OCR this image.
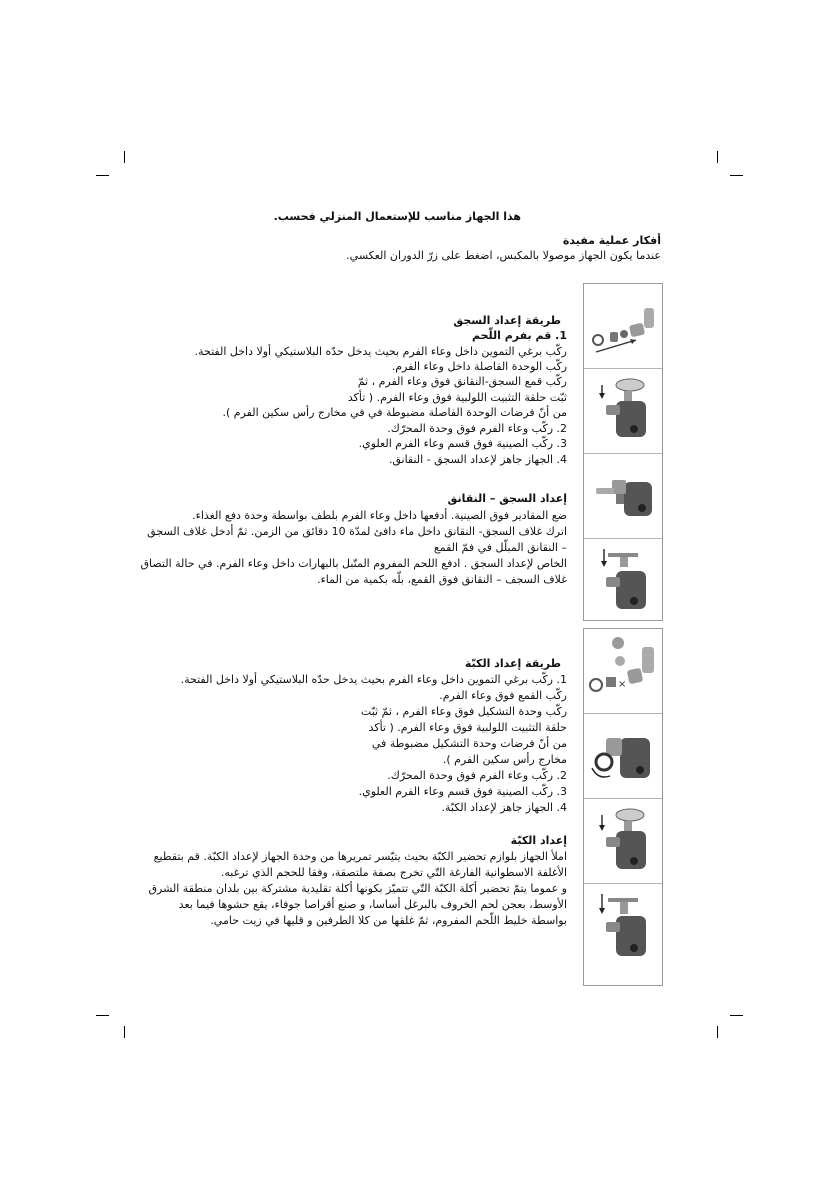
هذا الجهاز مناسب للإستعمال المنزلي فحسب.
أفكار عملية مفيدة
عندما يكون الجهاز موصولا بالمكبس، اضغط على زرّ الدوران العكسي.
طريقة إعداد السجق
1. قم بفرم اللّحم
ركّب برغي التموين داخل وعاء الفرم بحيث يدخل حدّه البلاستيكي أولا داخل الفتحة.
ركّب الوحدة الفاصلة داخل وعاء الفرم.
ركّب قمع السجق-النقانق فوق وعاء الفرم ، ثمّ
ثبّت حلقة التثبيت اللولبية فوق وعاء الفرم. ( تأكد
من أنّ فرضات الوحدة الفاصلة مضبوطة في في مخارج رأس سكين الفرم ).
2. ركّب وعاء الفرم فوق وحدة المحرّك.
3. ركّب الصينية فوق قسم وعاء الفرم العلوي.
4. الجهاز جاهز لإعداد السجق - النقانق.
إعداد السجق – النقانق
ضع المقادير فوق الصينية. أدفعها داخل وعاء الفرم بلطف بواسطة وحدة دفع الغذاء.
اترك غلاف السجق- النقانق داخل ماء دافئ لمدّة 10 دقائق من الزمن. ثمّ أدخل غلاف السجق
– النقانق المبلّل في فمّ القمع
الخاص لإعداد السجق . ادفع اللحم المفروم المتّبل بالبهارات داخل وعاء الفرم. في حالة التصاق
غلاف السجف – النقانق فوق القمع، بلّه بكمية من الماء.
طريقة إعداد الكبّة
1. ركّب برغي التموين داخل وعاء الفرم بحيث يدخل حدّه البلاستيكي أولا داخل الفتحة.
ركّب القمع فوق وعاء الفرم.
ركّب وحدة التشكيل فوق وعاء الفرم ، ثمّ ثبّت
حلقة التثبيت اللولبية فوق وعاء الفرم. ( تأكد
من أنّ فرضات وحدة التشكيل مضبوطة في
مخارج رأس سكين الفرم ).
2. ركّب وعاء الفرم فوق وحدة المحرّك.
3. ركّب الصينية فوق قسم وعاء الفرم العلوي.
4. الجهاز جاهز لإعداد الكبّة.
إعداد الكبّة
املأ الجهاز بلوازم تحضير الكبّة بحيث يتيّسر تمريرها من وحدة الجهاز لإعداد الكبّة. قم بتقطيع
الأغلفة الاسطوانية الفارغة التّي تخرج بصفة ملتصقة، وفقا للحجم الذي ترغبه.
و عموما يتمّ تحضير أكلة الكبّة التّي تتميّز بكونها أكلة تقليدية مشتركة بين بلدان منطقة الشرق
الأوسط، بعجن لحم الخروف بالبرغل أساسا، و صنع أقراصا جوفاء، يقع حشوها فيما بعد
بواسطة خليط اللّحم المفروم، ثمّ غلقها من كلا الطرفين و قليها في زيت حامي.
×
